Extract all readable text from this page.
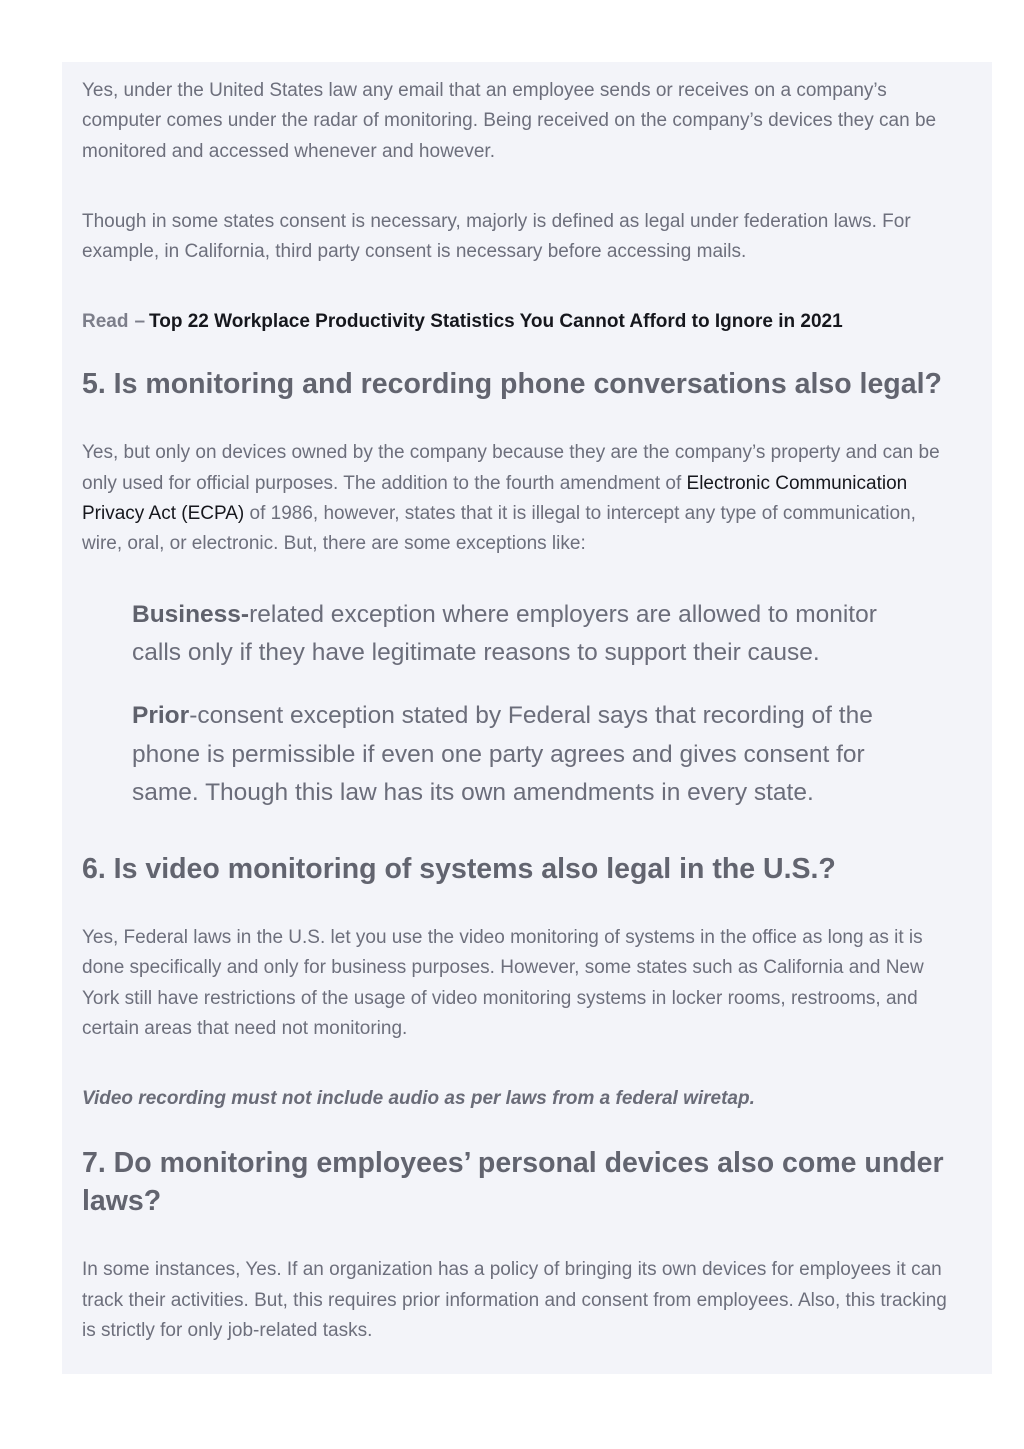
Yes, under the United States law any email that an employee sends or receives on a company’s computer comes under the radar of monitoring. Being received on the company’s devices they can be monitored and accessed whenever and however.

Though in some states consent is necessary, majorly is defined as legal under federation laws. For example, in California, third party consent is necessary before accessing mails.

Read – Top 22 Workplace Productivity Statistics You Cannot Afford to Ignore in 2021

5. Is monitoring and recording phone conversations also legal?

Yes, but only on devices owned by the company because they are the company’s property and can be only used for official purposes. The addition to the fourth amendment of Electronic Communication Privacy Act (ECPA) of 1986, however, states that it is illegal to intercept any type of communication, wire, oral, or electronic. But, there are some exceptions like:

Business-related exception where employers are allowed to monitor calls only if they have legitimate reasons to support their cause.

Prior-consent exception stated by Federal says that recording of the phone is permissible if even one party agrees and gives consent for same. Though this law has its own amendments in every state.

6. Is video monitoring of systems also legal in the U.S.?

Yes, Federal laws in the U.S. let you use the video monitoring of systems in the office as long as it is done specifically and only for business purposes. However, some states such as California and New York still have restrictions of the usage of video monitoring systems in locker rooms, restrooms, and certain areas that need not monitoring.

Video recording must not include audio as per laws from a federal wiretap.

7. Do monitoring employees’ personal devices also come under laws?

In some instances, Yes. If an organization has a policy of bringing its own devices for employees it can track their activities. But, this requires prior information and consent from employees. Also, this tracking is strictly for only job-related tasks.
